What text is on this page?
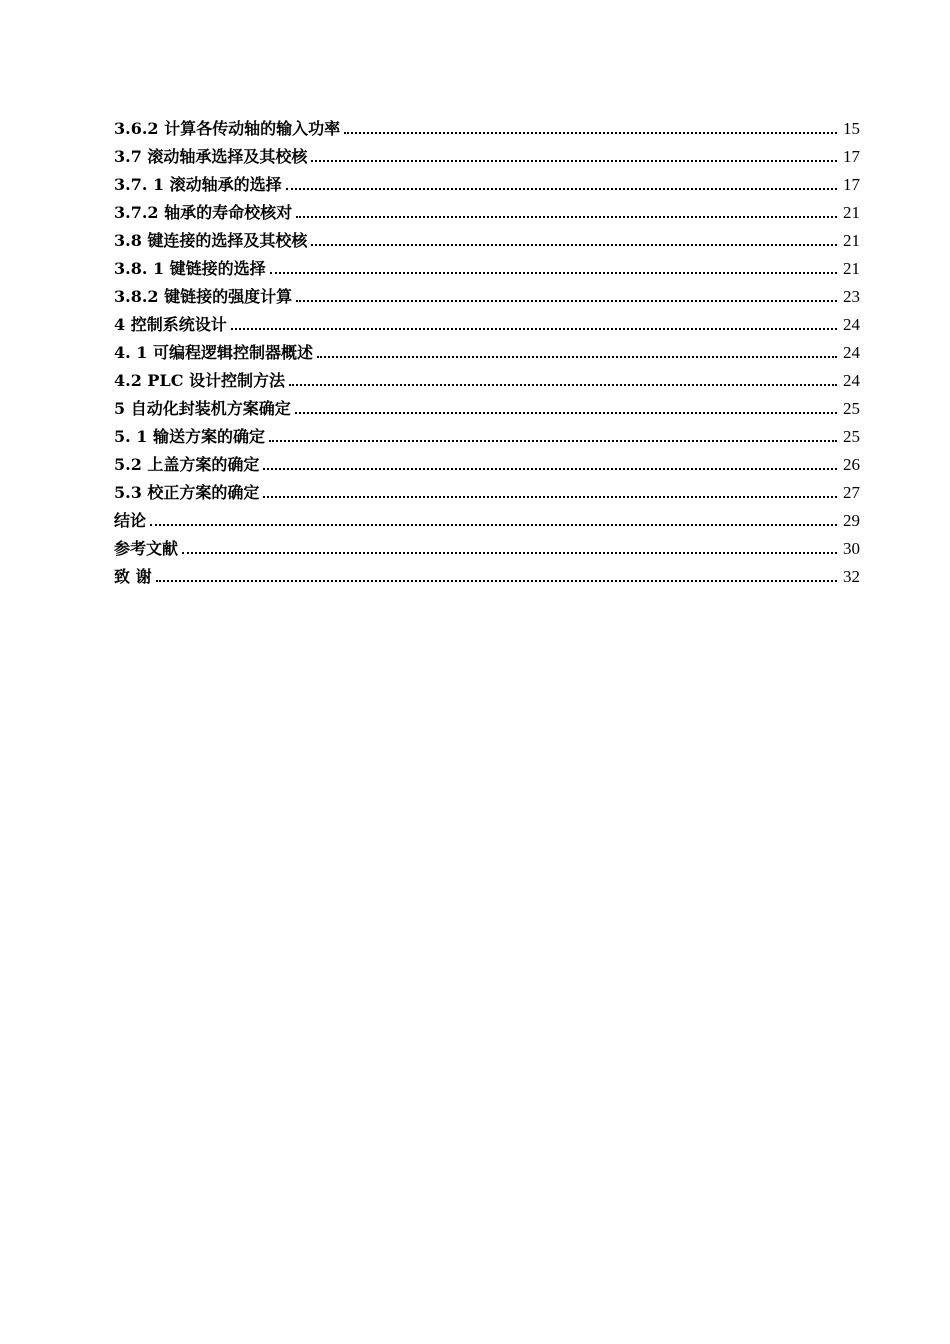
3.6.2 计算各传动轴的输入功率	15
3.7 滚动轴承选择及其校核	17
3.7. 1 滚动轴承的选择	17
3.7.2 轴承的寿命校核对	21
3.8 键连接的选择及其校核	21
3.8. 1 键链接的选择	21
3.8.2 键链接的强度计算	23
4 控制系统设计	24
4. 1 可编程逻辑控制器概述	24
4.2 PLC 设计控制方法	24
5 自动化封装机方案确定	25
5. 1 输送方案的确定	25
5.2 上盖方案的确定	26
5.3 校正方案的确定	27
结论	29
参考文献	30
致 谢	32
